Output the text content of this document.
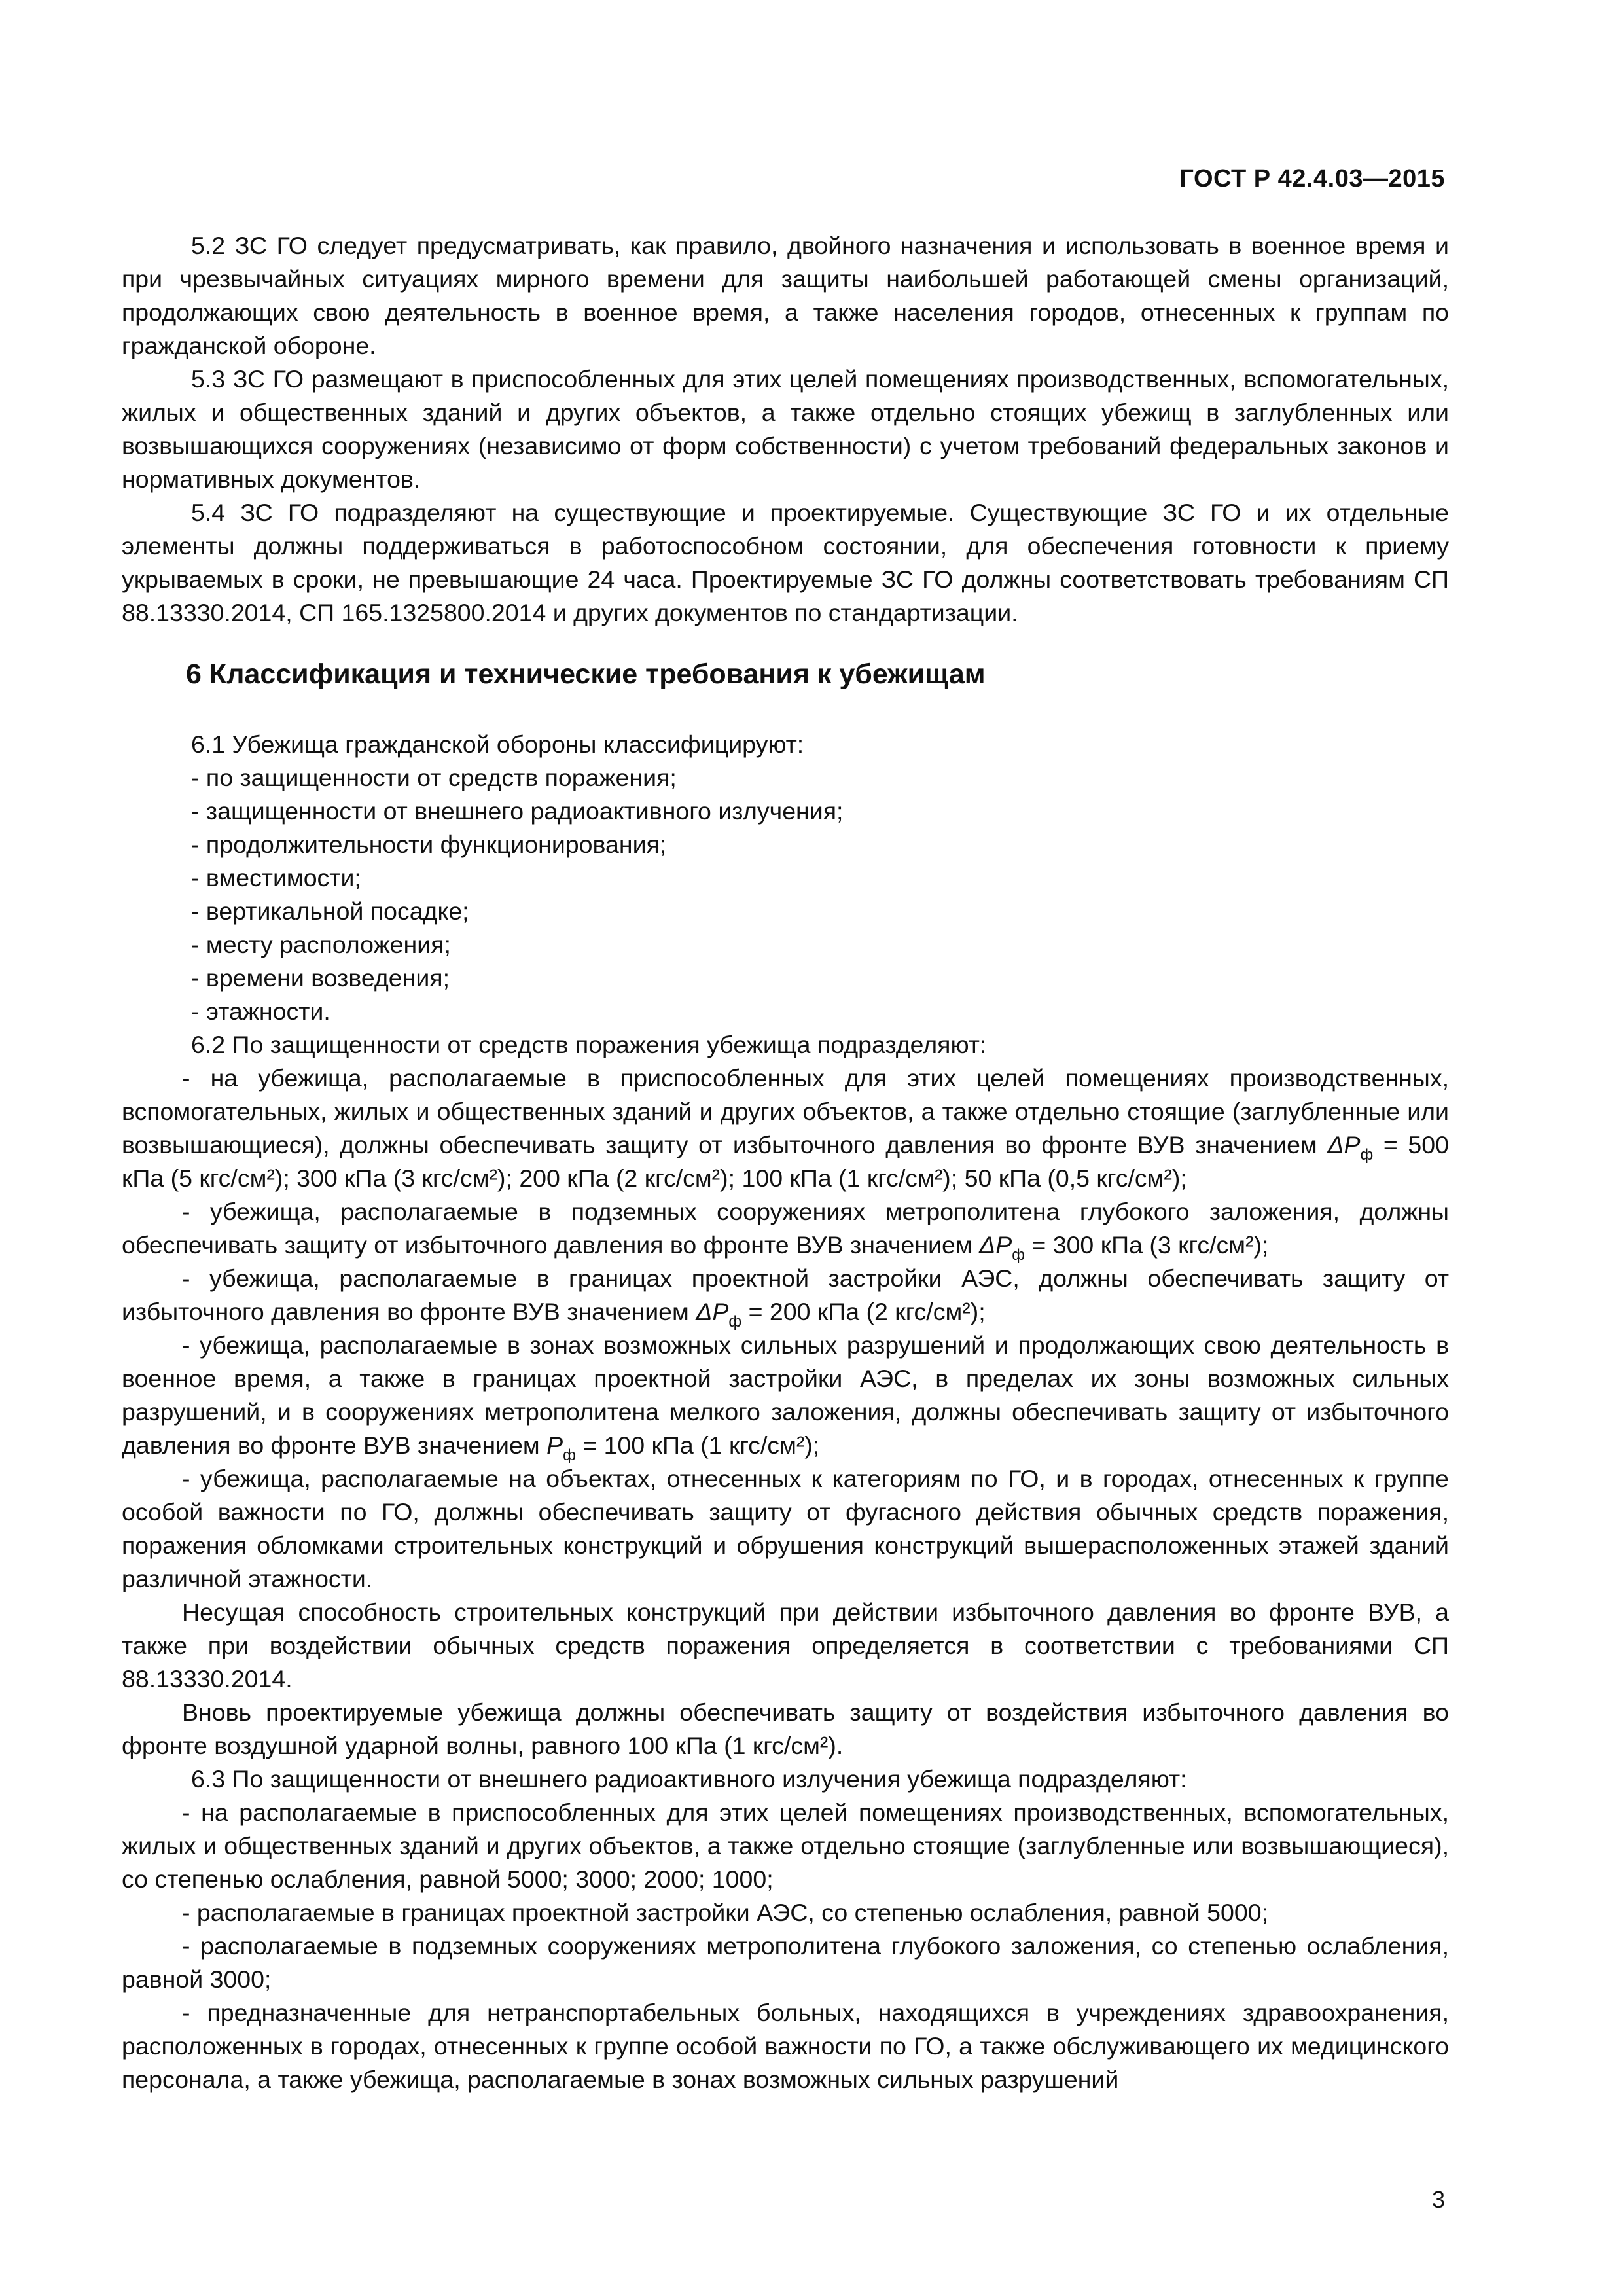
ГОСТ Р 42.4.03—2015

5.2 ЗС ГО следует предусматривать, как правило, двойного назначения и использовать в военное время и при чрезвычайных ситуациях мирного времени для защиты наибольшей работающей смены организаций, продолжающих свою деятельность в военное время, а также населения городов, отнесенных к группам по гражданской обороне.

5.3 ЗС ГО размещают в приспособленных для этих целей помещениях производственных, вспомогательных, жилых и общественных зданий и других объектов, а также отдельно стоящих убежищ в заглубленных или возвышающихся сооружениях (независимо от форм собственности) с учетом требований федеральных законов и нормативных документов.

5.4 ЗС ГО подразделяют на существующие и проектируемые. Существующие ЗС ГО и их отдельные элементы должны поддерживаться в работоспособном состоянии, для обеспечения готовности к приему укрываемых в сроки, не превышающие 24 часа. Проектируемые ЗС ГО должны соответствовать требованиям СП 88.13330.2014, СП 165.1325800.2014 и других документов по стандартизации.

6 Классификация и технические требования к убежищам

6.1 Убежища гражданской обороны классифицируют:

- по защищенности от средств поражения;

- защищенности от внешнего радиоактивного излучения;

- продолжительности функционирования;

- вместимости;

- вертикальной посадке;

- месту расположения;

- времени возведения;

- этажности.

6.2 По защищенности от средств поражения убежища подразделяют:

- на убежища, располагаемые в приспособленных для этих целей помещениях производственных, вспомогательных, жилых и общественных зданий и других объектов, а также отдельно стоящие (заглубленные или возвышающиеся), должны обеспечивать защиту от избыточного давления во фронте ВУВ значением $\Delta P_ф = 500$ кПа (5 кгс/см²); 300 кПа (3 кгс/см²); 200 кПа (2 кгс/см²); 100 кПа (1 кгс/см²); 50 кПа (0,5 кгс/см²);

- убежища, располагаемые в подземных сооружениях метрополитена глубокого заложения, должны обеспечивать защиту от избыточного давления во фронте ВУВ значением $\Delta P_ф = 300$ кПа (3 кгс/см²);

- убежища, располагаемые в границах проектной застройки АЭС, должны обеспечивать защиту от избыточного давления во фронте ВУВ значением $\Delta P_ф = 200$ кПа (2 кгс/см²);

- убежища, располагаемые в зонах возможных сильных разрушений и продолжающих свою деятельность в военное время, а также в границах проектной застройки АЭС, в пределах их зоны возможных сильных разрушений, и в сооружениях метрополитена мелкого заложения, должны обеспечивать защиту от избыточного давления во фронте ВУВ значением $P_ф = 100$ кПа (1 кгс/см²);

- убежища, располагаемые на объектах, отнесенных к категориям по ГО, и в городах, отнесенных к группе особой важности по ГО, должны обеспечивать защиту от фугасного действия обычных средств поражения, поражения обломками строительных конструкций и обрушения конструкций вышерасположенных этажей зданий различной этажности.

Несущая способность строительных конструкций при действии избыточного давления во фронте ВУВ, а также при воздействии обычных средств поражения определяется в соответствии с требованиями СП 88.13330.2014.

Вновь проектируемые убежища должны обеспечивать защиту от воздействия избыточного давления во фронте воздушной ударной волны, равного 100 кПа (1 кгс/см²).

6.3 По защищенности от внешнего радиоактивного излучения убежища подразделяют:

- на располагаемые в приспособленных для этих целей помещениях производственных, вспомогательных, жилых и общественных зданий и других объектов, а также отдельно стоящие (заглубленные или возвышающиеся), со степенью ослабления, равной 5000; 3000; 2000; 1000;

- располагаемые в границах проектной застройки АЭС, со степенью ослабления, равной 5000;

- располагаемые в подземных сооружениях метрополитена глубокого заложения, со степенью ослабления, равной 3000;

- предназначенные для нетранспортабельных больных, находящихся в учреждениях здравоохранения, расположенных в городах, отнесенных к группе особой важности по ГО, а также обслуживающего их медицинского персонала, а также убежища, располагаемые в зонах возможных сильных разрушений

3
